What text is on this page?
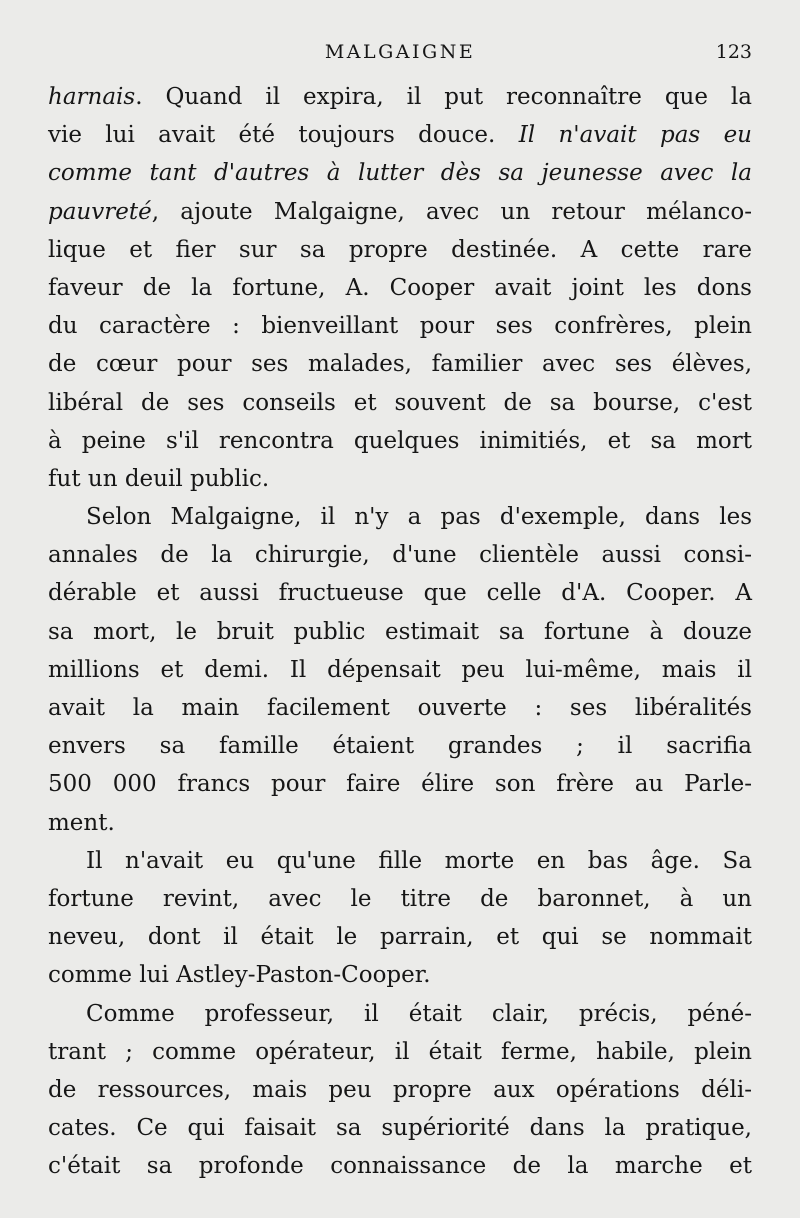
MALGAIGNE	123
harnais. Quand il expira, il put reconnaître que la
vie lui avait été toujours douce. Il n'avait pas eu
comme tant d'autres à lutter dès sa jeunesse avec la
pauvreté, ajoute Malgaigne, avec un retour mélanco-
lique et fier sur sa propre destinée. A cette rare
faveur de la fortune, A. Cooper avait joint les dons
du caractère : bienveillant pour ses confrères, plein
de cœur pour ses malades, familier avec ses élèves,
libéral de ses conseils et souvent de sa bourse, c'est
à peine s'il rencontra quelques inimitiés, et sa mort
fut un deuil public.
Selon Malgaigne, il n'y a pas d'exemple, dans les
annales de la chirurgie, d'une clientèle aussi consi-
dérable et aussi fructueuse que celle d'A. Cooper. A
sa mort, le bruit public estimait sa fortune à douze
millions et demi. Il dépensait peu lui-même, mais il
avait la main facilement ouverte : ses libéralités
envers sa famille étaient grandes ; il sacrifia
500 000 francs pour faire élire son frère au Parle-
ment.
Il n'avait eu qu'une fille morte en bas âge. Sa
fortune revint, avec le titre de baronnet, à un
neveu, dont il était le parrain, et qui se nommait
comme lui Astley-Paston-Cooper.
Comme professeur, il était clair, précis, péné-
trant ; comme opérateur, il était ferme, habile, plein
de ressources, mais peu propre aux opérations déli-
cates. Ce qui faisait sa supériorité dans la pratique,
c'était sa profonde connaissance de la marche et
